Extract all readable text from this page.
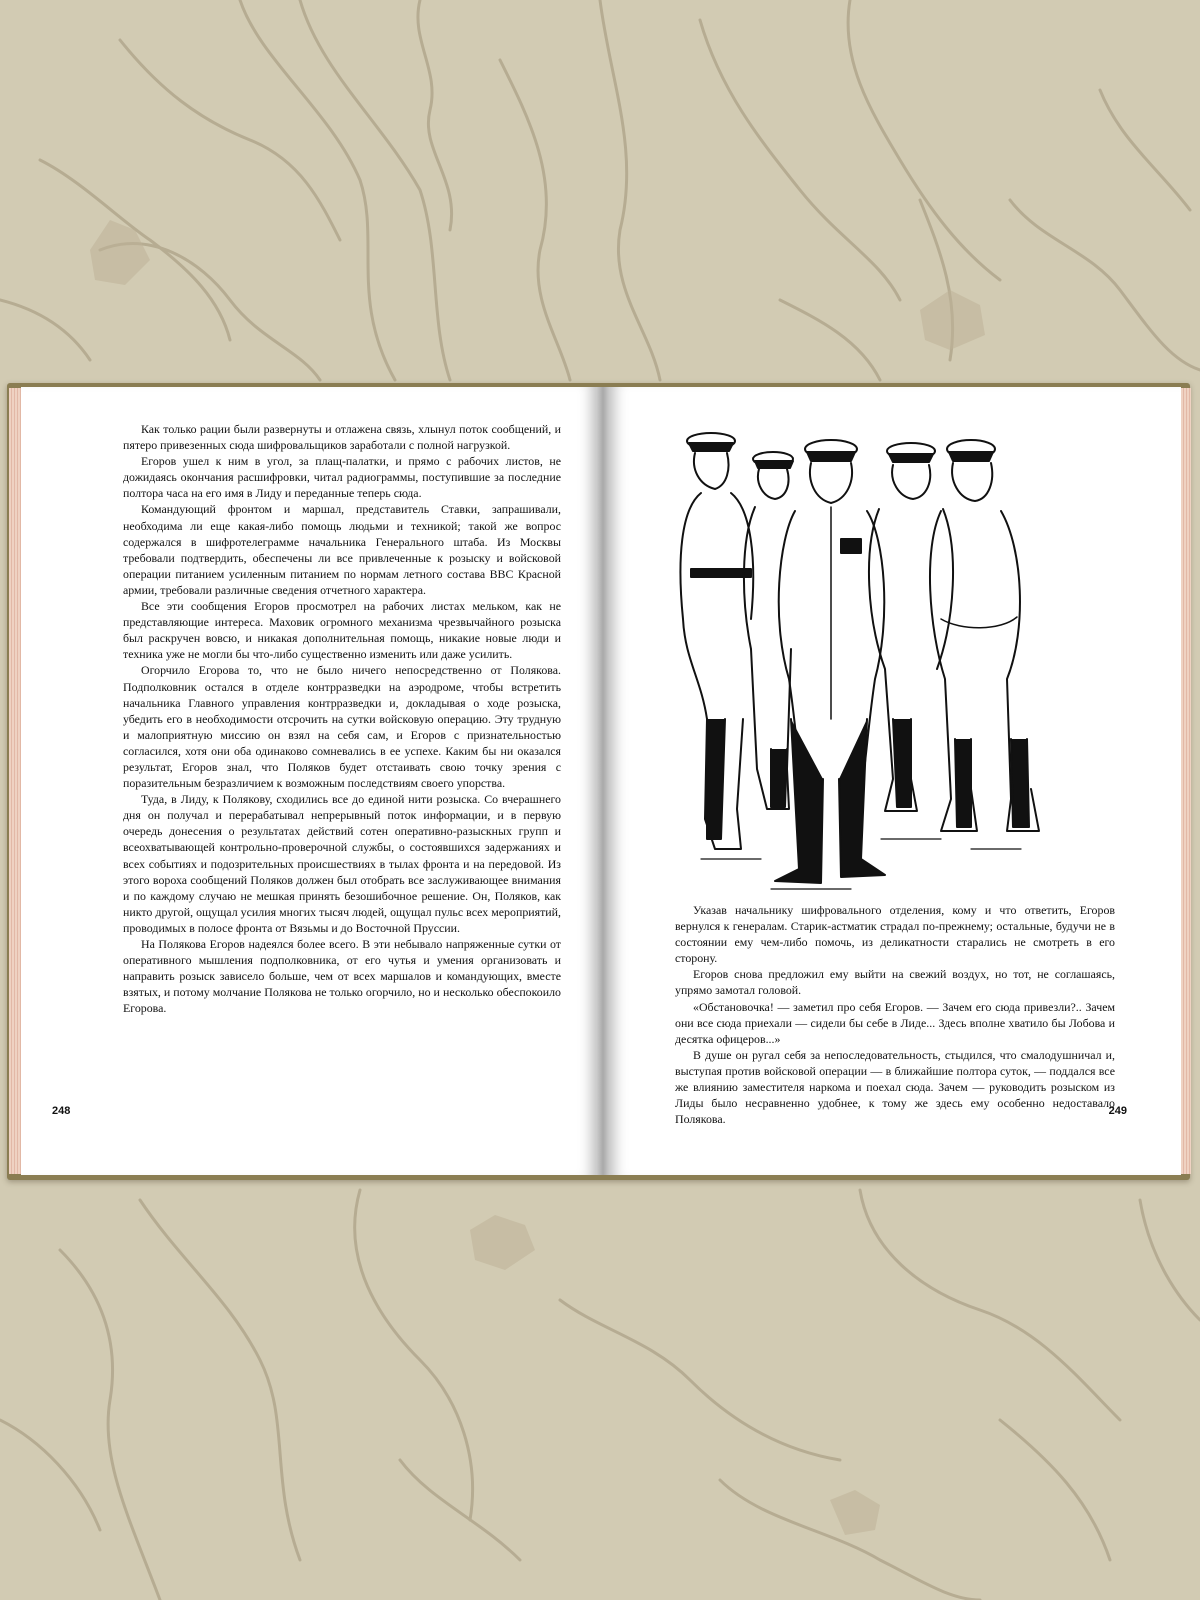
Как только рации были развернуты и отлажена связь, хлынул поток сообщений, и пятеро привезенных сюда шифровальщиков заработали с полной нагрузкой.

Егоров ушел к ним в угол, за плащ-палатки, и прямо с рабочих листов, не дожидаясь окончания расшифровки, читал радиограммы, поступившие за последние полтора часа на его имя в Лиду и переданные теперь сюда.

Командующий фронтом и маршал, представитель Ставки, запрашивали, необходима ли еще какая-либо помощь людьми и техникой; такой же вопрос содержался в шифротелеграмме начальника Генерального штаба. Из Москвы требовали подтвердить, обеспечены ли все привлеченные к розыску и войсковой операции питанием усиленным питанием по нормам летного состава ВВС Красной армии, требовали различные сведения отчетного характера.

Все эти сообщения Егоров просмотрел на рабочих листах мельком, как не представляющие интереса. Маховик огромного механизма чрезвычайного розыска был раскручен вовсю, и никакая дополнительная помощь, никакие новые люди и техника уже не могли бы что-либо существенно изменить или даже усилить.

Огорчило Егорова то, что не было ничего непосредственно от Полякова. Подполковник остался в отделе контрразведки на аэродроме, чтобы встретить начальника Главного управления контрразведки и, докладывая о ходе розыска, убедить его в необходимости отсрочить на сутки войсковую операцию. Эту трудную и малоприятную миссию он взял на себя сам, и Егоров с признательностью согласился, хотя они оба одинаково сомневались в ее успехе. Каким бы ни оказался результат, Егоров знал, что Поляков будет отстаивать свою точку зрения с поразительным безразличием к возможным последствиям своего упорства.

Туда, в Лиду, к Полякову, сходились все до единой нити розыска. Со вчерашнего дня он получал и перерабатывал непрерывный поток информации, и в первую очередь донесения о результатах действий сотен оперативно-разыскных групп и всеохватывающей контрольно-проверочной службы, о состоявшихся задержаниях и всех событиях и подозрительных происшествиях в тылах фронта и на передовой. Из этого вороха сообщений Поляков должен был отобрать все заслуживающее внимания и по каждому случаю не мешкая принять безошибочное решение. Он, Поляков, как никто другой, ощущал усилия многих тысяч людей, ощущал пульс всех мероприятий, проводимых в полосе фронта от Вязьмы и до Восточной Пруссии.

На Полякова Егоров надеялся более всего. В эти небывало напряженные сутки от оперативного мышления подполковника, от его чутья и умения организовать и направить розыск зависело больше, чем от всех маршалов и командующих, вместе взятых, и потому молчание Полякова не только огорчило, но и несколько обеспокоило Егорова.

248

Указав начальнику шифровального отделения, кому и что ответить, Егоров вернулся к генералам. Старик-астматик страдал по-прежнему; остальные, будучи не в состоянии ему чем-либо помочь, из деликатности старались не смотреть в его сторону.

Егоров снова предложил ему выйти на свежий воздух, но тот, не соглашаясь, упрямо замотал головой.

«Обстановочка! — заметил про себя Егоров. — Зачем его сюда привезли?.. Зачем они все сюда приехали — сидели бы себе в Лиде... Здесь вполне хватило бы Лобова и десятка офицеров...»

В душе он ругал себя за непоследовательность, стыдился, что смалодушничал и, выступая против войсковой операции — в ближайшие полтора суток, — поддался все же влиянию заместителя наркома и поехал сюда. Зачем — руководить розыском из Лиды было несравненно удобнее, к тому же здесь ему особенно недоставало Полякова.

249
